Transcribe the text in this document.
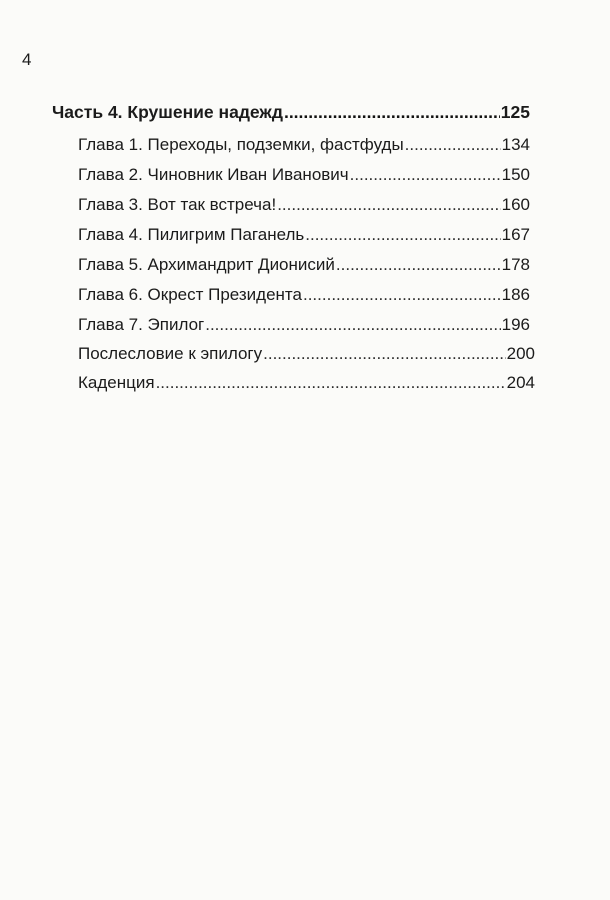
4
Часть 4. Крушение надежд .....	125
Глава 1. Переходы, подземки, фастфуды .....	134
Глава 2. Чиновник Иван Иванович .....	150
Глава 3. Вот так встреча! .....	160
Глава 4. Пилигрим Паганель .....	167
Глава 5. Архимандрит Дионисий .....	178
Глава 6. Окрест Президента .....	186
Глава 7. Эпилог .....	196
Послесловие к эпилогу .....	200
Каденция .....	204
